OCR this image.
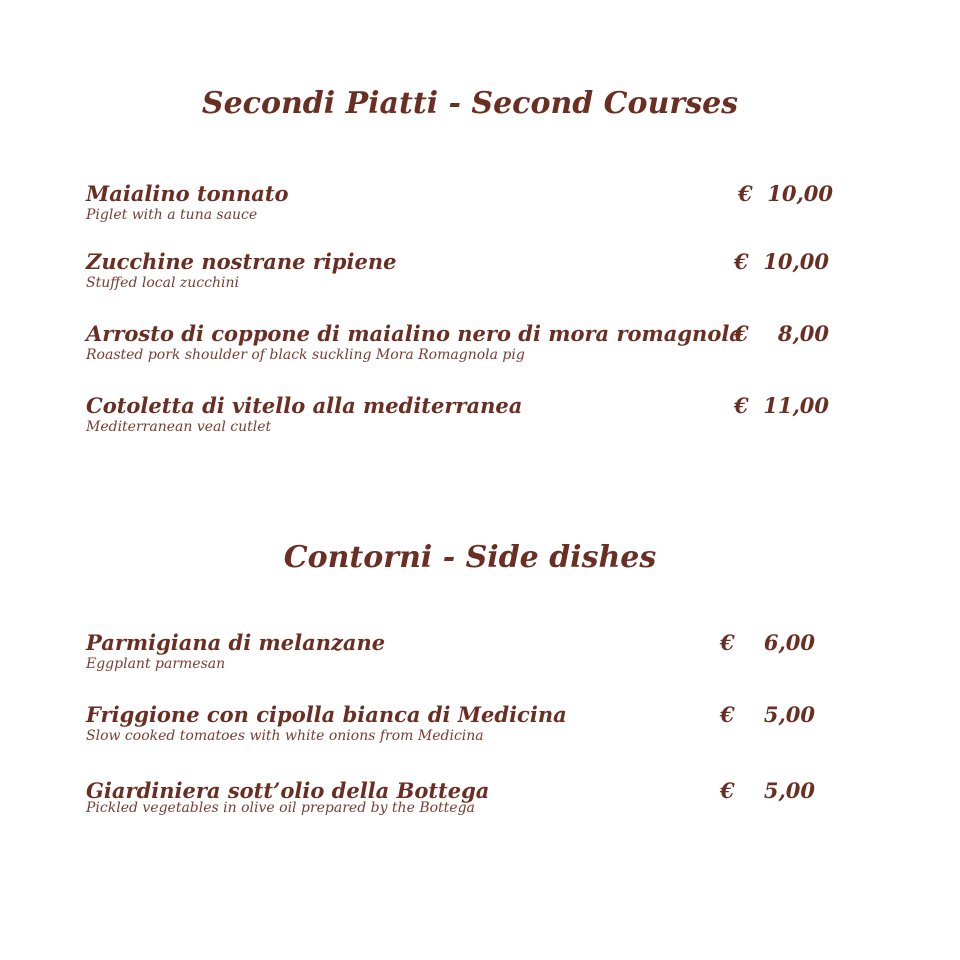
Secondi Piatti - Second Courses
Maialino tonnato
Piglet with a tuna sauce
€  10,00
Zucchine nostrane ripiene
Stuffed local zucchini
€  10,00
Arrosto di coppone di maialino nero di mora romagnola
Roasted pork shoulder of black suckling Mora Romagnola pig
€    8,00
Cotoletta di vitello alla mediterranea
Mediterranean veal cutlet
€  11,00
Contorni - Side dishes
Parmigiana di melanzane
Eggplant parmesan
€    6,00
Friggione con cipolla bianca di Medicina
Slow cooked tomatoes with white onions from Medicina
€    5,00
Giardiniera sott’olio della Bottega
Pickled vegetables in olive oil prepared by the Bottega
€    5,00
